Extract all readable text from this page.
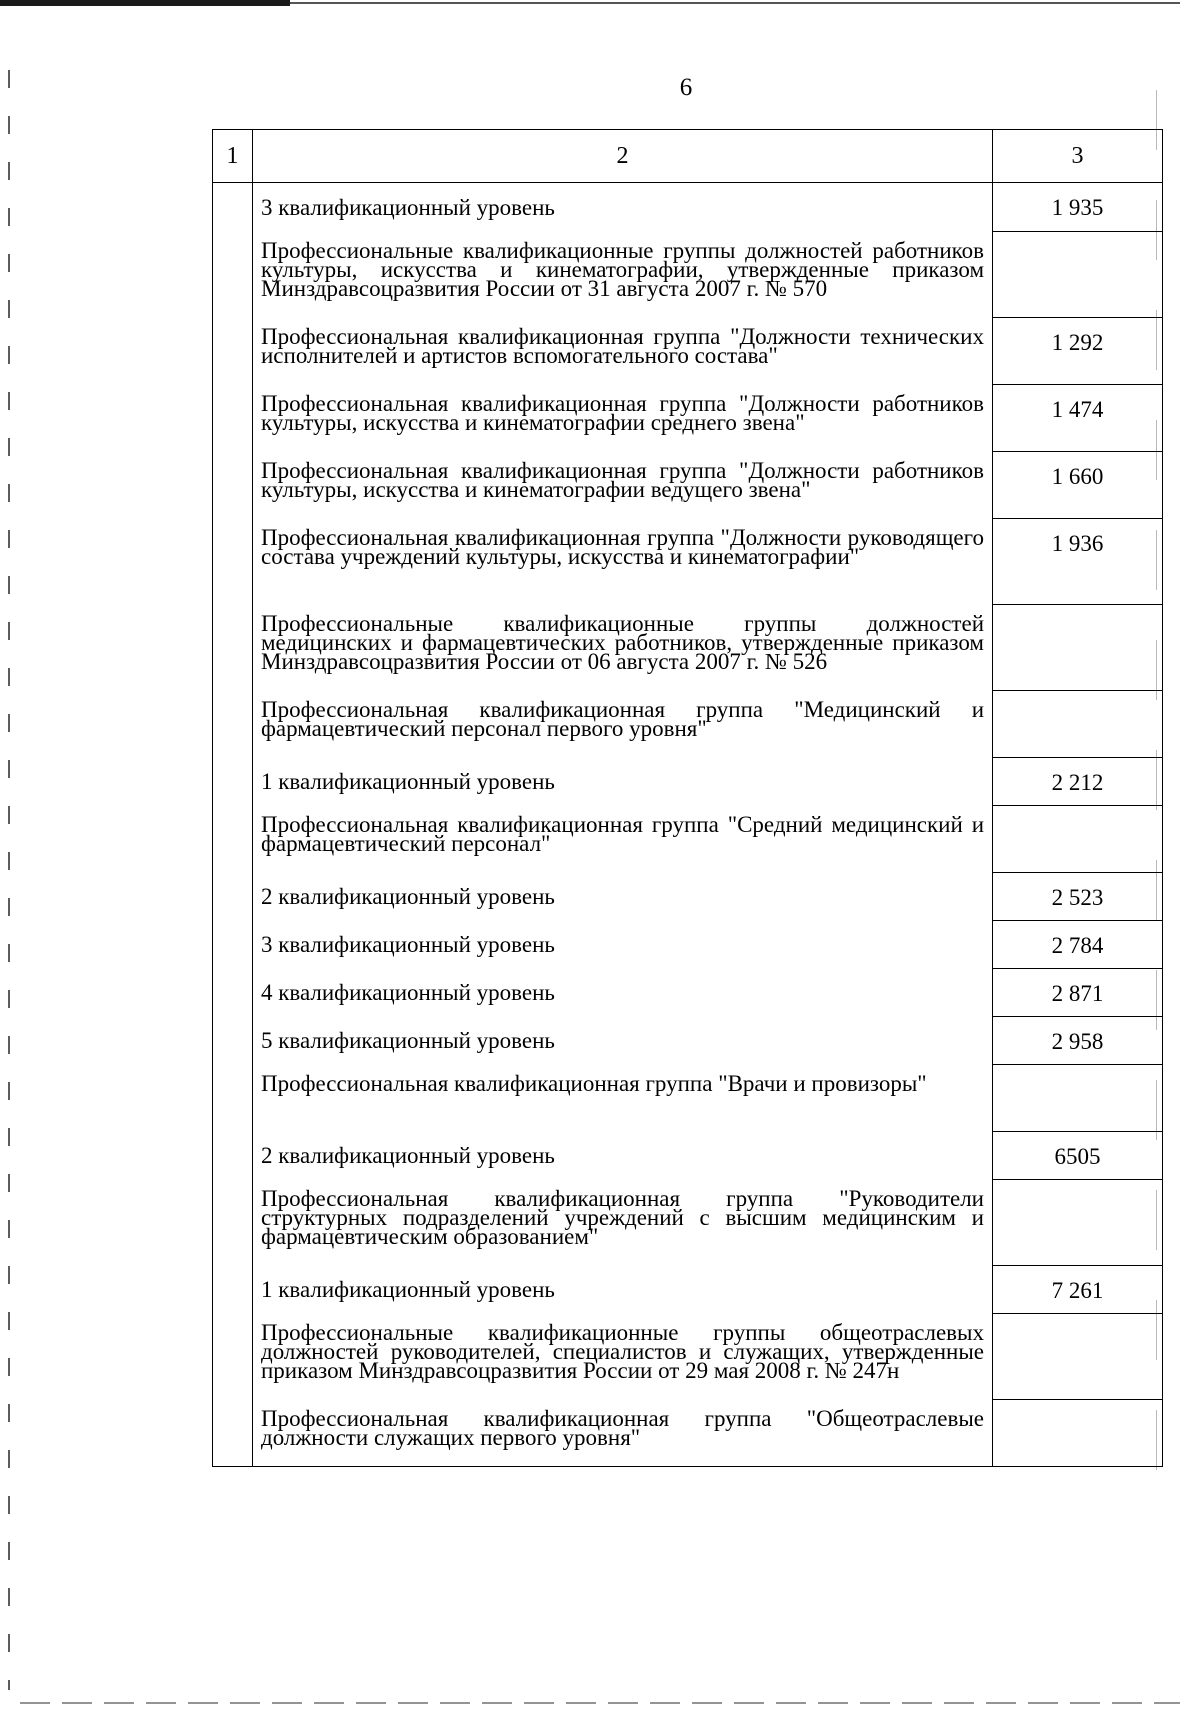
6
1	2	3
	3 квалификационный уровень	1 935
	Профессиональные квалификационные группы должностей работников культуры, искусства и кинематографии, утвержденные приказом Минздравсоцразвития России от 31 августа 2007 г. № 570	
	Профессиональная квалификационная группа "Должности технических исполнителей и артистов вспомогательного состава"	1 292
	Профессиональная квалификационная группа "Должности работников культуры, искусства и кинематографии среднего звена"	1 474
	Профессиональная квалификационная группа "Должности работников культуры, искусства и кинематографии ведущего звена"	1 660
	Профессиональная квалификационная группа "Должности руководящего состава учреждений культуры, искусства и кинематографии"	1 936
	Профессиональные квалификационные группы должностей медицинских и фармацевтических работников, утвержденные приказом Минздравсоцразвития России от 06 августа 2007 г. № 526	
	Профессиональная квалификационная группа "Медицинский и фармацевтический персонал первого уровня"	
	1 квалификационный уровень	2 212
	Профессиональная квалификационная группа "Средний медицинский и фармацевтический персонал"	
	2 квалификационный уровень	2 523
	3 квалификационный уровень	2 784
	4 квалификационный уровень	2 871
	5 квалификационный уровень	2 958
	Профессиональная квалификационная группа "Врачи и провизоры"	
	2 квалификационный уровень	6505
	Профессиональная квалификационная группа "Руководители структурных подразделений учреждений с высшим медицинским и фармацевтическим образованием"	
	1 квалификационный уровень	7 261
	Профессиональные квалификационные группы общеотраслевых должностей руководителей, специалистов и служащих, утвержденные приказом Минздравсоцразвития России от 29 мая 2008 г. № 247н	
	Профессиональная квалификационная группа "Общеотраслевые должности служащих первого уровня"	
